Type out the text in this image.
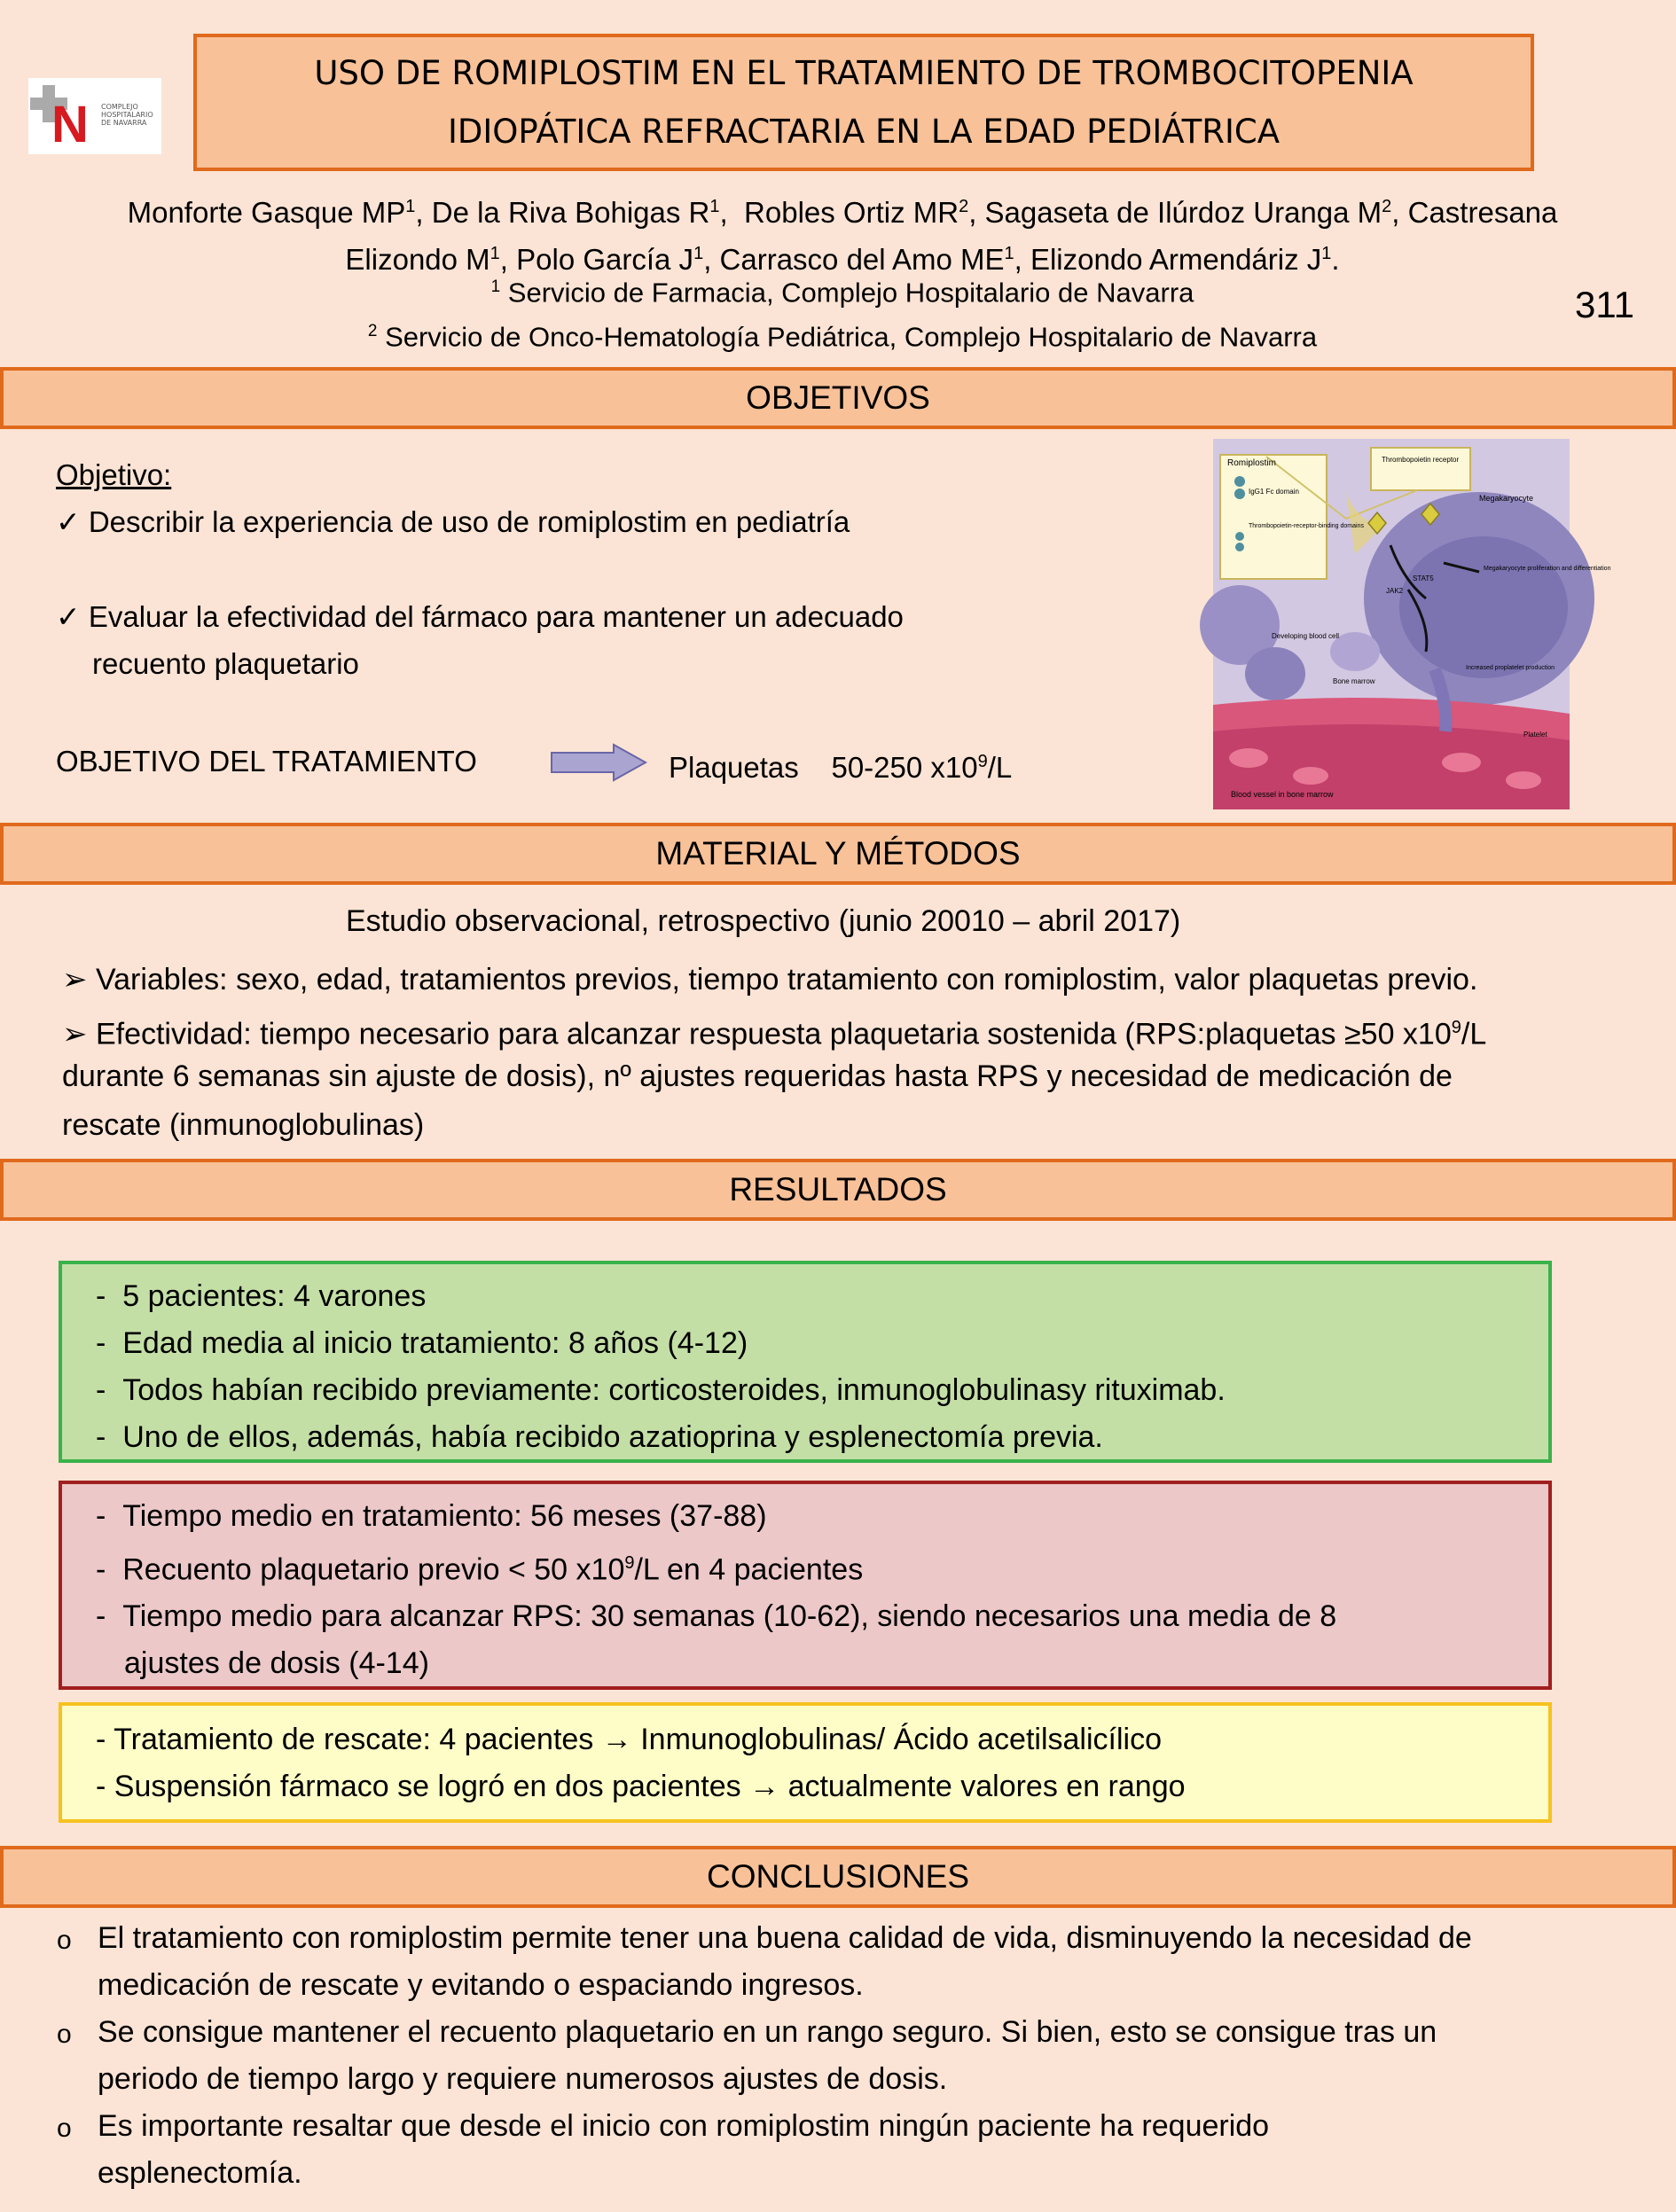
N COMPLEJO
HOSPITALARIO
DE NAVARRA
USO DE ROMIPLOSTIM EN EL TRATAMIENTO DE TROMBOCITOPENIA
IDIOPÁTICA REFRACTARIA EN LA EDAD PEDIÁTRICA
Monforte Gasque $MP^1$, De la Riva Bohigas $R^1$,  Robles Ortiz $MR^2$, Sagaseta de Ilúrdoz Uranga $M^2$, Castresana Elizondo $M^1$, Polo García $J^1$, Carrasco del Amo $ME^1$, Elizondo Armendáriz $J^1$.
$^1$ Servicio de Farmacia, Complejo Hospitalario de Navarra
$^2$ Servicio de Onco-Hematología Pediátrica, Complejo Hospitalario de Navarra
311
OBJETIVOS
Objetivo:
✓ Describir la experiencia de uso de romiplostim en pediatría
✓ Evaluar la efectividad del fármaco para mantener un adecuado
recuento plaquetario
OBJETIVO DEL TRATAMIENTO	Plaquetas 50-250 $x10^9/L$
Romiplostim
IgG1 Fc domain
Thrombopoietin-receptor-binding domains
Thrombopoietin receptor
Megakaryocyte
STAT5
JAK2
Megakaryocyte proliferation and differentiation
Developing blood cell
Increased proplatelet production
Bone marrow
Platelet
Blood vessel in bone marrow
MATERIAL Y MÉTODOS
Estudio observacional, retrospectivo (junio 20010 – abril 2017)
➢ Variables: sexo, edad, tratamientos previos, tiempo tratamiento con romiplostim, valor plaquetas previo.
➢ Efectividad: tiempo necesario para alcanzar respuesta plaquetaria sostenida (RPS:plaquetas ≥50 $x10^9/L$
durante 6 semanas sin ajuste de dosis), nº ajustes requeridas hasta RPS y necesidad de medicación de
rescate (inmunoglobulinas)
RESULTADOS
- 5 pacientes: 4 varones
- Edad media al inicio tratamiento: 8 años (4-12)
- Todos habían recibido previamente: corticosteroides, inmunoglobulinasy rituximab.
- Uno de ellos, además, había recibido azatioprina y esplenectomía previa.
- Tiempo medio en tratamiento: 56 meses (37-88)
- Recuento plaquetario previo < 50 $x10^9/L$ en 4 pacientes
- Tiempo medio para alcanzar RPS: 30 semanas (10-62), siendo necesarios una media de 8
ajustes de dosis (4-14)
- Tratamiento de rescate: 4 pacientes → Inmunoglobulinas/ Ácido acetilsalicílico
- Suspensión fármaco se logró en dos pacientes → actualmente valores en rango
CONCLUSIONES
o El tratamiento con romiplostim permite tener una buena calidad de vida, disminuyendo la necesidad de
medicación de rescate y evitando o espaciando ingresos.
o Se consigue mantener el recuento plaquetario en un rango seguro. Si bien, esto se consigue tras un
periodo de tiempo largo y requiere numerosos ajustes de dosis.
o Es importante resaltar que desde el inicio con romiplostim ningún paciente ha requerido
esplenectomía.
